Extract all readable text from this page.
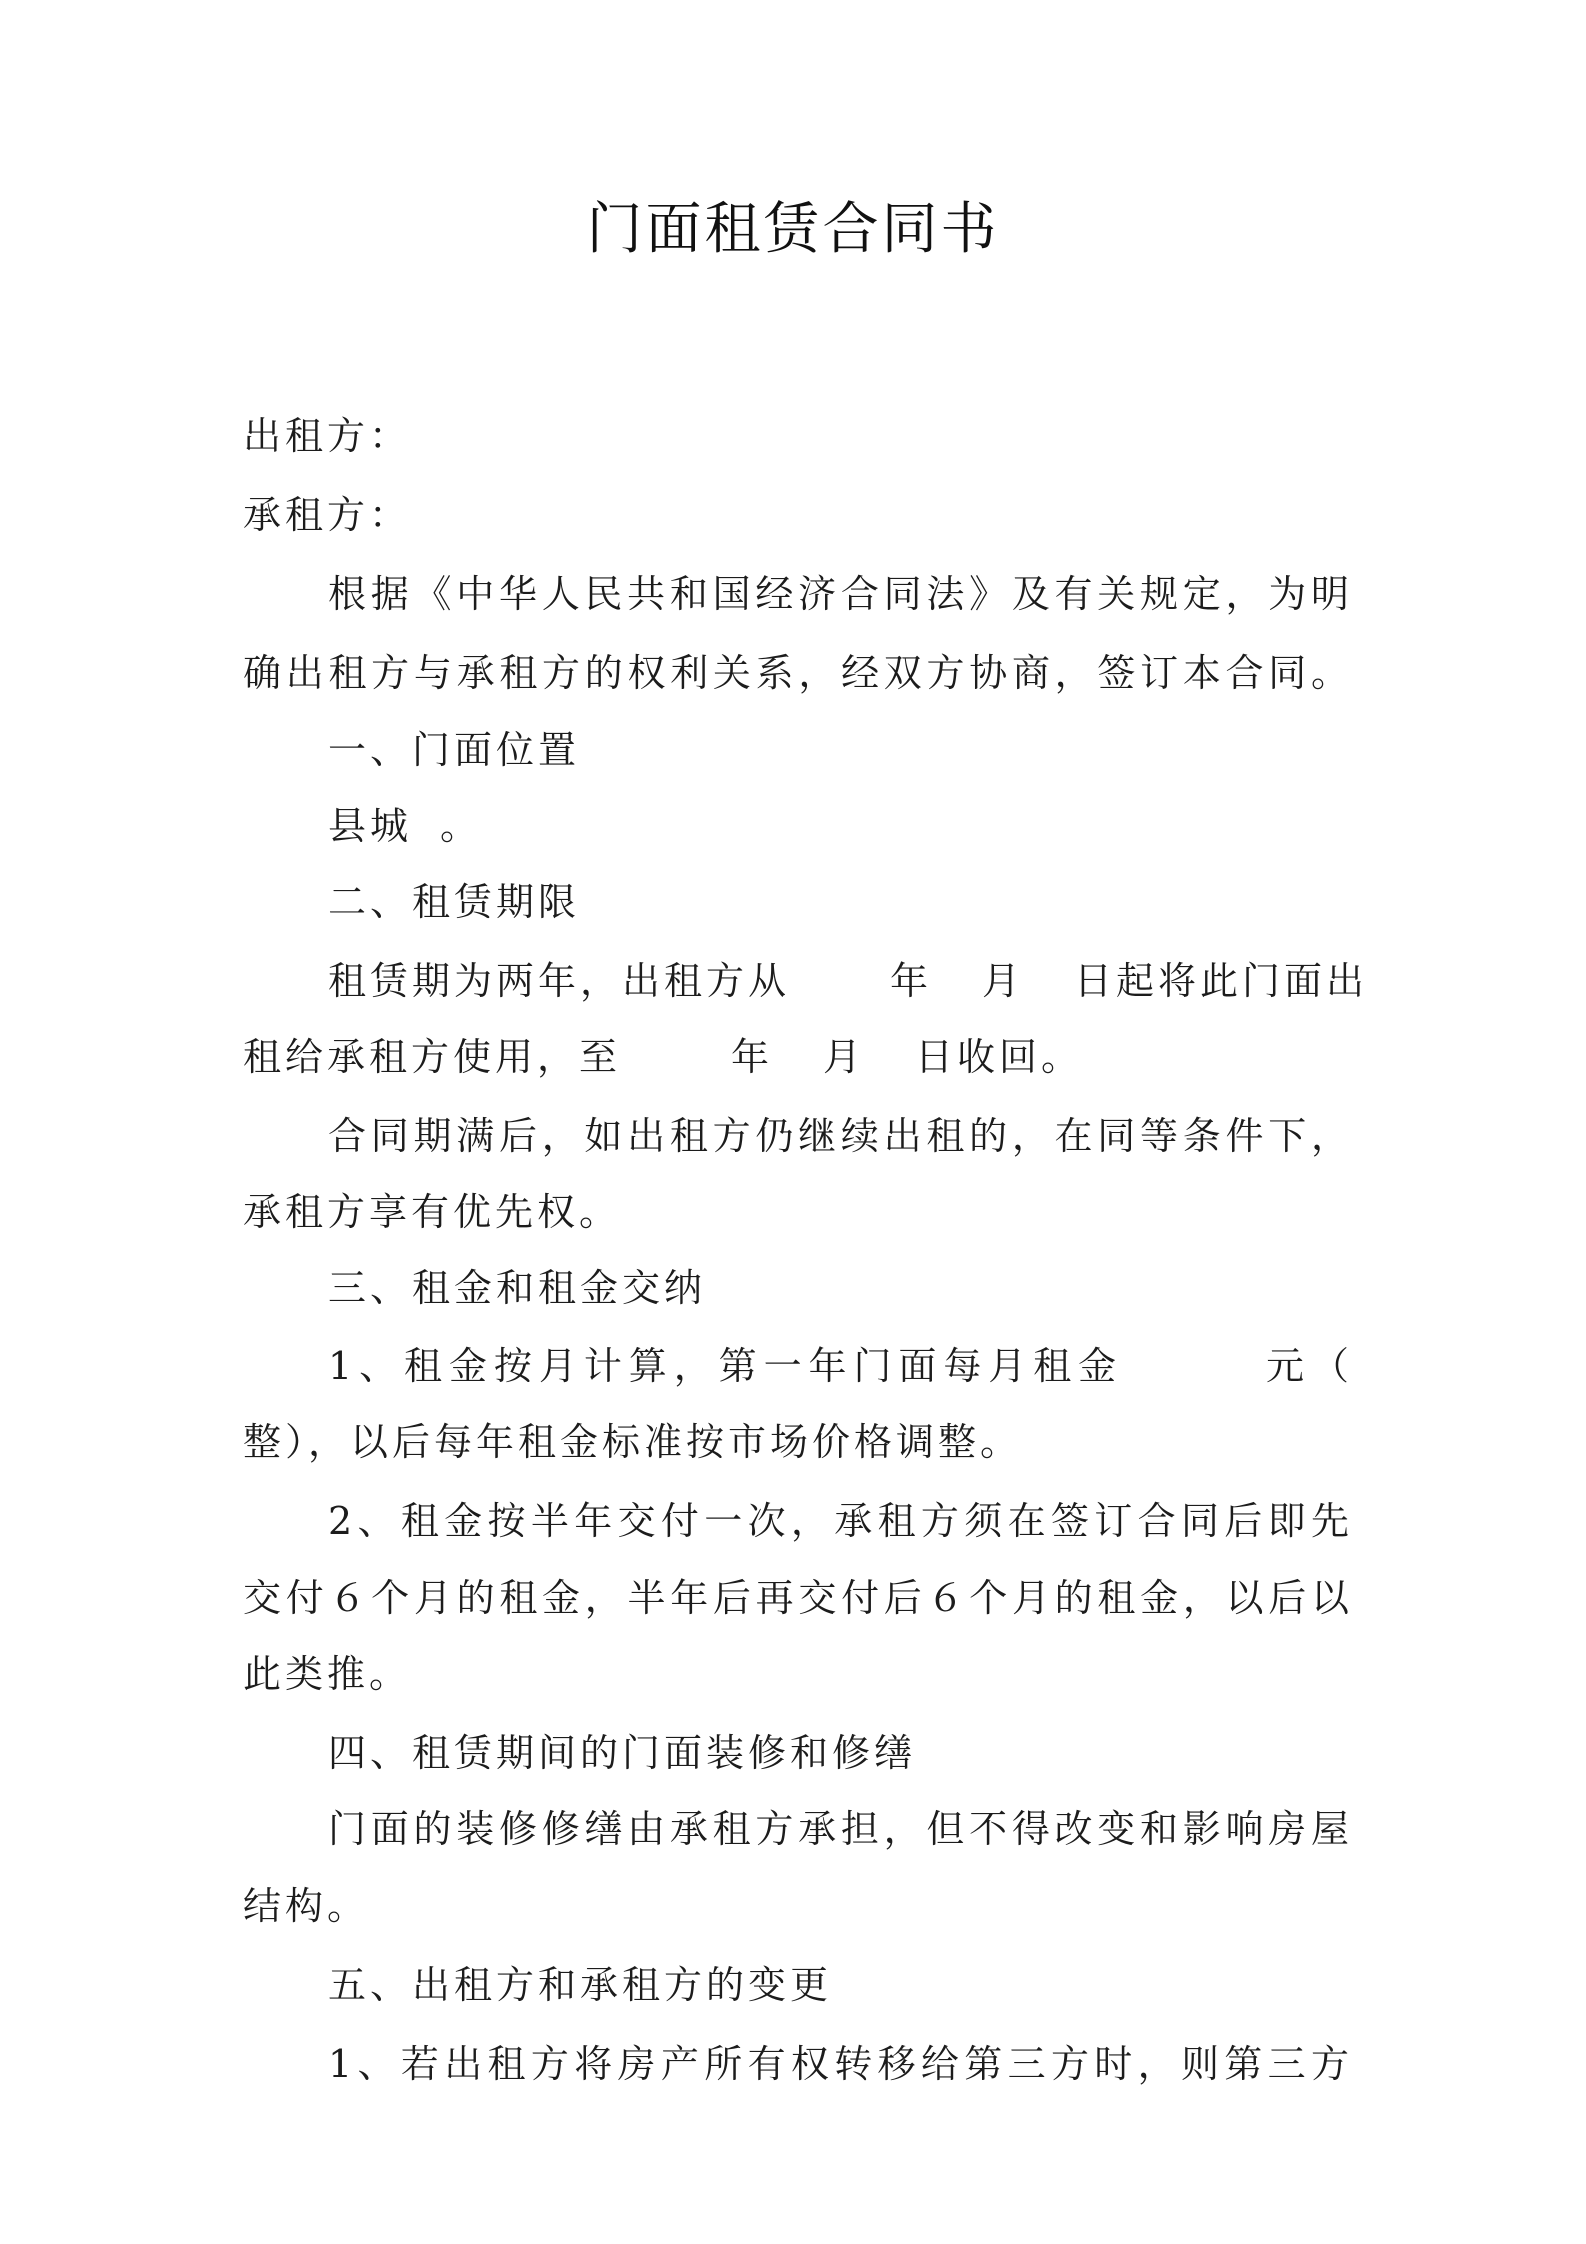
门面租赁合同书
出租方：
承租方：
根据《中华人民共和国经济合同法》及有关规定，为明
确出租方与承租方的权利关系，经双方协商，签订本合同。
一、门面位置
县城 。
二、租赁期限
租赁期为两年，出租方从	年 月 日起将此门面出
租给承租方使用，至	年 月 日收回。
合同期满后，如出租方仍继续出租的，在同等条件下，
承租方享有优先权。
三、租金和租金交纳
1、租金按月计算，第一年门面每月租金	元（
整），以后每年租金标准按市场价格调整。
2、租金按半年交付一次，承租方须在签订合同后即先
交付６个月的租金，半年后再交付后６个月的租金，以后以
此类推。
四、租赁期间的门面装修和修缮
门面的装修修缮由承租方承担，但不得改变和影响房屋
结构。
五、出租方和承租方的变更
1、若出租方将房产所有权转移给第三方时，则第三方
